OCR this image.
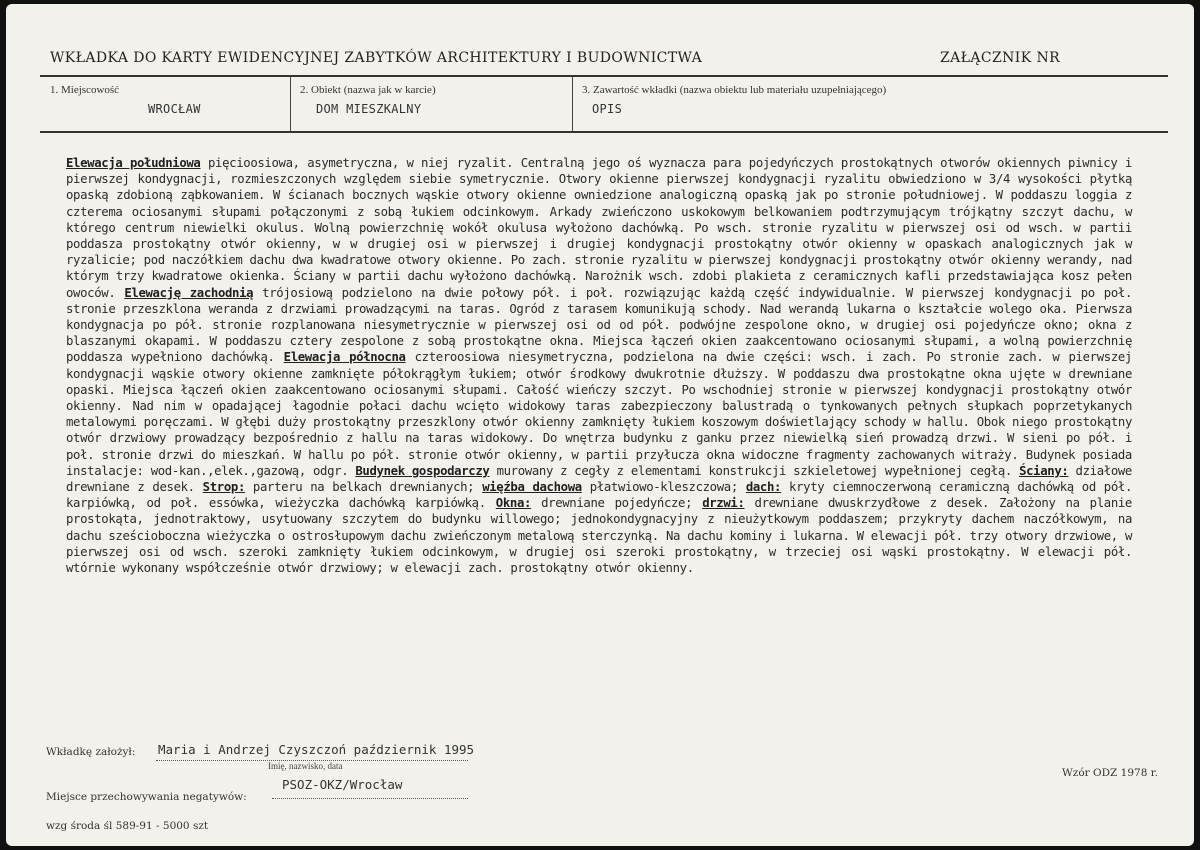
WKŁADKA DO KARTY EWIDENCYJNEJ ZABYTKÓW ARCHITEKTURY I BUDOWNICTWA	ZAŁĄCZNIK NR
1. Miejscowość
WROCŁAW
2. Obiekt (nazwa jak w karcie)
DOM MIESZKALNY
3. Zawartość wkładki (nazwa obiektu lub materiału uzupełniającego)
OPIS
Elewacja południowa pięcioosiowa, asymetryczna, w niej ryzalit. Centralną jego oś wyznacza para pojedyńczych prostokątnych otworów okiennych piwnicy i pierwszej kondygnacji, rozmieszczonych względem siebie symetrycznie. Otwory okienne pierwszej kondygnacji ryzalitu obwiedziono w 3/4 wysokości płytką opaską zdobioną ząbkowaniem. W ścianach bocznych wąskie otwory okienne owniedzione analogiczną opaską jak po stronie południowej. W poddaszu loggia z czterema ociosanymi słupami połączonymi z sobą łukiem odcinkowym. Arkady zwieńczono uskokowym belkowaniem podtrzymującym trójkątny szczyt dachu, w którego centrum niewielki okulus. Wolną powierzchnię wokół okulusa wyłożono dachówką. Po wsch. stronie ryzalitu w pierwszej osi od wsch. w partii poddasza prostokątny otwór okienny, w w drugiej osi w pierwszej i drugiej kondygnacji prostokątny otwór okienny w opaskach analogicznych jak w ryzalicie; pod naczółkiem dachu dwa kwadratowe otwory okienne. Po zach. stronie ryzalitu w pierwszej kondygnacji prostokątny otwór okienny werandy, nad którym trzy kwadratowe okienka. Ściany w partii dachu wyłożono dachówką. Narożnik wsch. zdobi plakieta z ceramicznych kafli przedstawiająca kosz pełen owoców. Elewację zachodnią trójosiową podzielono na dwie połowy pół. i poł. rozwiązując każdą część indywidualnie. W pierwszej kondygnacji po poł. stronie przeszklona weranda z drzwiami prowadzącymi na taras. Ogród z tarasem komunikują schody. Nad werandą lukarna o kształcie wolego oka. Pierwsza kondygnacja po pół. stronie rozplanowana niesymetrycznie w pierwszej osi od od pół. podwójne zespolone okno, w drugiej osi pojedyńcze okno; okna z blaszanymi okapami. W poddaszu cztery zespolone z sobą prostokątne okna. Miejsca łączeń okien zaakcentowano ociosanymi słupami, a wolną powierzchnię poddasza wypełniono dachówką. Elewacja północna czteroosiowa niesymetryczna, podzielona na dwie części: wsch. i zach. Po stronie zach. w pierwszej kondygnacji wąskie otwory okienne zamknięte półokrągłym łukiem; otwór środkowy dwukrotnie dłuższy. W poddaszu dwa prostokątne okna ujęte w drewniane opaski. Miejsca łączeń okien zaakcentowano ociosanymi słupami. Całość wieńczy szczyt. Po wschodniej stronie w pierwszej kondygnacji prostokątny otwór okienny. Nad nim w opadającej łagodnie połaci dachu wcięto widokowy taras zabezpieczony balustradą o tynkowanych pełnych słupkach poprzetykanych metalowymi poręczami. W głębi duży prostokątny przeszklony otwór okienny zamknięty łukiem koszowym doświetlający schody w hallu. Obok niego prostokątny otwór drzwiowy prowadzący bezpośrednio z hallu na taras widokowy. Do wnętrza budynku z ganku przez niewielką sień prowadzą drzwi. W sieni po pół. i poł. stronie drzwi do mieszkań. W hallu po pół. stronie otwór okienny, w partii przyłucza okna widoczne fragmenty zachowanych witraży. Budynek posiada instalacje: wod-kan.,elek.,gazową, odgr. Budynek gospodarczy murowany z cegły z elementami konstrukcji szkieletowej wypełnionej cegłą. Ściany: działowe drewniane z desek. Strop: parteru na belkach drewnianych; więźba dachowa płatwiowo-kleszczowa; dach: kryty ciemnoczerwoną ceramiczną dachówką od pół. karpiówką, od poł. essówka, wieżyczka dachówką karpiówką. Okna: drewniane pojedyńcze; drzwi: drewniane dwuskrzydłowe z desek. Założony na planie prostokąta, jednotraktowy, usytuowany szczytem do budynku willowego; jednokondygnacyjny z nieużytkowym poddaszem; przykryty dachem naczółkowym, na dachu sześcioboczna wieżyczka o ostrosłupowym dachu zwieńczonym metalową sterczynką. Na dachu kominy i lukarna. W elewacji pół. trzy otwory drzwiowe, w pierwszej osi od wsch. szeroki zamknięty łukiem odcinkowym, w drugiej osi szeroki prostokątny, w trzeciej osi wąski prostokątny. W elewacji pół. wtórnie wykonany współcześnie otwór drzwiowy; w elewacji zach. prostokątny otwór okienny.
Wkładkę założył: Maria i Andrzej Czyszczoń październik 1995
Imię, nazwisko, data
PSOZ-OKZ/Wrocław
Miejsce przechowywania negatywów:
Wzór ODZ 1978 r.
wzg środa śl 589-91 - 5000 szt
